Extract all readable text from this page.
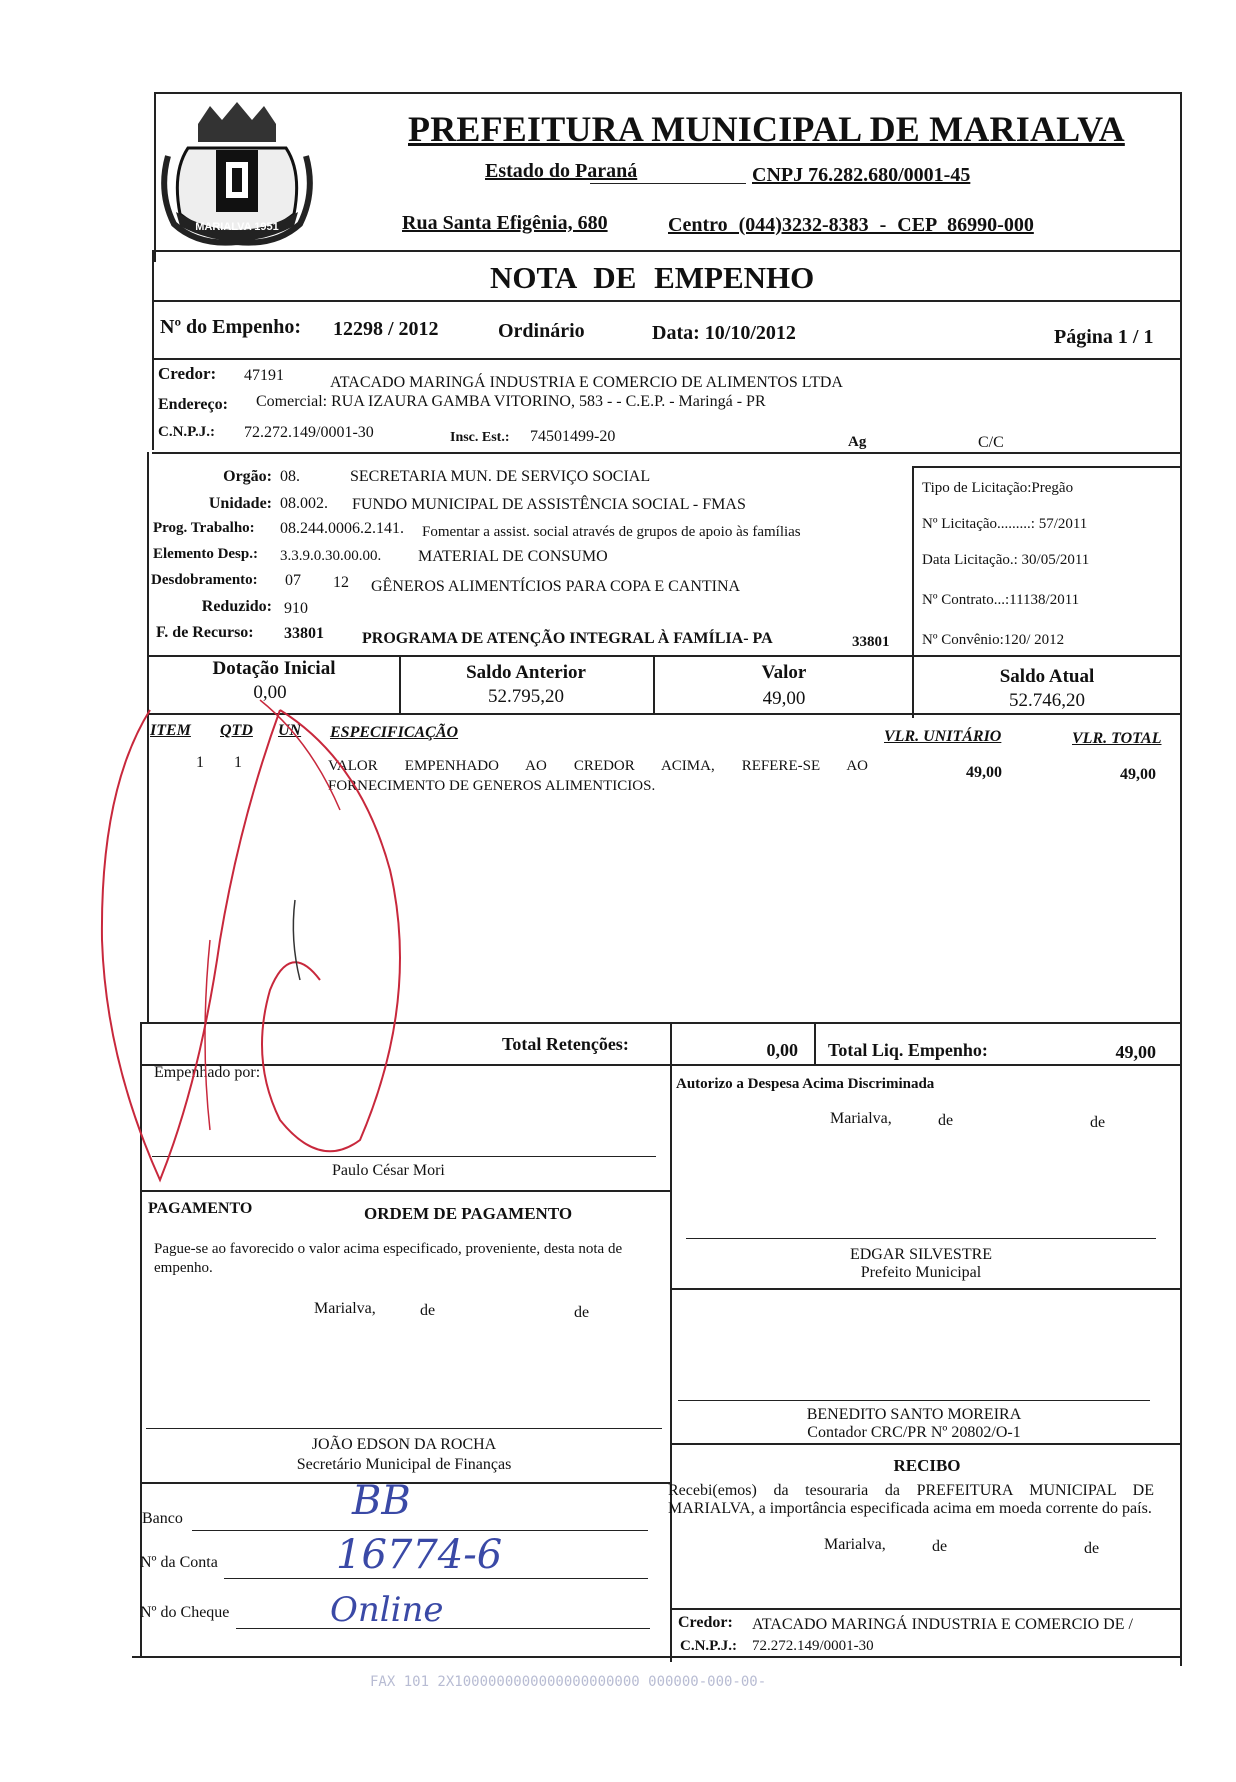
MARIALVA 1951
PREFEITURA MUNICIPAL DE MARIALVA
Estado do Paraná	CNPJ 76.282.680/0001-45
Rua Santa Efigênia, 680	Centro (044)3232-8383 - CEP 86990-000
NOTA DE EMPENHO
Nº do Empenho: 12298 / 2012	Ordinário	Data: 10/10/2012	Página 1 / 1
Credor: 47191	ATACADO MARINGÁ INDUSTRIA E COMERCIO DE ALIMENTOS LTDA
Endereço: Comercial: RUA IZAURA GAMBA VITORINO, 583 - - C.E.P. - Maringá - PR
C.N.P.J.: 72.272.149/0001-30	Insc. Est.: 74501499-20	Ag	C/C
Orgão: 08.	SECRETARIA MUN. DE SERVIÇO SOCIAL
Unidade: 08.002. FUNDO MUNICIPAL DE ASSISTÊNCIA SOCIAL - FMAS
Prog. Trabalho: 08.244.0006.2.141. Fomentar a assist. social através de grupos de apoio às famílias
Elemento Desp.: 3.3.9.0.30.00.00. MATERIAL DE CONSUMO
Desdobramento: 07 12 GÊNEROS ALIMENTÍCIOS PARA COPA E CANTINA
Reduzido: 910
F. de Recurso: 33801 PROGRAMA DE ATENÇÃO INTEGRAL À FAMÍLIA- PA	33801
Tipo de Licitação:Pregão
Nº Licitação.........: 57/2011
Data Licitação.: 30/05/2011
Nº Contrato...:11138/2011
Nº Convênio:120/ 2012
Dotação Inicial
0,00
Saldo Anterior
52.795,20
Valor
49,00
Saldo Atual
52.746,20
ITEM QTD UN ESPECIFICAÇÃO	VLR. UNITÁRIO	VLR. TOTAL
1 1	VALOR EMPENHADO AO CREDOR ACIMA, REFERE-SE AO
FORNECIMENTO DE GENEROS ALIMENTICIOS.
49,00	49,00
Total Retenções:	0,00 Total Liq. Empenho:	49,00
Empenhado por:
Paulo César Mori
Autorizo a Despesa Acima Discriminada
Marialva,	de	de
EDGAR SILVESTRE
Prefeito Municipal
PAGAMENTO	ORDEM DE PAGAMENTO
Pague-se ao favorecido o valor acima especificado, proveniente, desta nota de empenho.
Marialva,	de	de
JOÃO EDSON DA ROCHA
Secretário Municipal de Finanças
BENEDITO SANTO MOREIRA
Contador CRC/PR Nº 20802/O-1
Banco	BB
Nº da Conta	16774-6
Nº do Cheque	Online
RECIBO
Recebi(emos) da tesouraria da PREFEITURA MUNICIPAL DE MARIALVA, a importância especificada acima em moeda corrente do país.
Marialva,	de	de
Credor: ATACADO MARINGÁ INDUSTRIA E COMERCIO DE /
C.N.P.J.: 72.272.149/0001-30
FAX 101 2X1000000000000000000000 000000-000-00-
